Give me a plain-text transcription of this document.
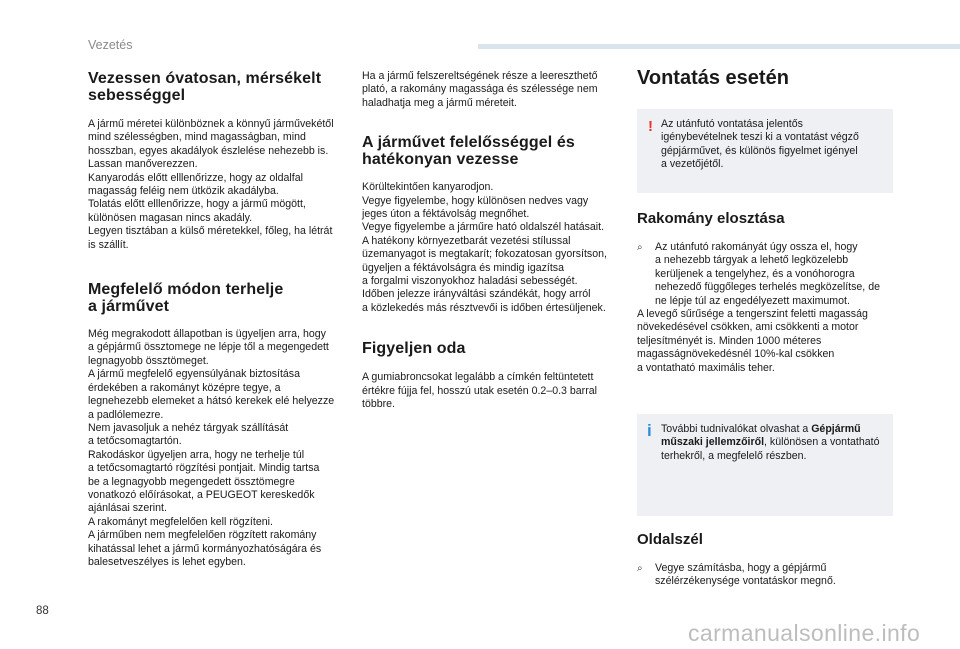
Vezetés
Vezessen óvatosan, mérsékelt
sebességgel
A jármű méretei különböznek a könnyű járművekétől
mind szélességben, mind magasságban, mind
hosszban, egyes akadályok észlelése nehezebb is.
Lassan manőverezzen.
Kanyarodás előtt elllenőrizze, hogy az oldalfal
magasság feléig nem ütközik akadályba.
Tolatás előtt elllenőrizze, hogy a jármű mögött,
különösen magasan nincs akadály.
Legyen tisztában a külső méretekkel, főleg, ha létrát
is szállít.
Megfelelő módon terhelje
a járművet
Még megrakodott állapotban is ügyeljen arra, hogy
a gépjármű össztomege ne lépje től a megengedett
legnagyobb össztömeget.
A jármű megfelelő egyensúlyának biztosítása
érdekében a rakományt középre tegye, a
legnehezebb elemeket a hátsó kerekek elé helyezze
a padlólemezre.
Nem javasoljuk a nehéz tárgyak szállítását
a tetőcsomagtartón.
Rakodáskor ügyeljen arra, hogy ne terhelje túl
a tetőcsomagtartó rögzítési pontjait. Mindig tartsa
be a legnagyobb megengedett össztömegre
vonatkozó előírásokat, a PEUGEOT kereskedők
ajánlásai szerint.
A rakományt megfelelően kell rögzíteni.
A járműben nem megfelelően rögzített rakomány
kihatással lehet a jármű kormányozhatóságára és
balesetveszélyes is lehet egyben.
Ha a jármű felszereltségének része a leereszthető
plató, a rakomány magassága és szélessége nem
haladhatja meg a jármű méreteit.
A járművet felelősséggel és
hatékonyan vezesse
Körültekintően kanyarodjon.
Vegye figyelembe, hogy különösen nedves vagy
jeges úton a féktávolság megnőhet.
Vegye figyelembe a járműre ható oldalszél hatásait.
A hatékony környezetbarát vezetési stílussal
üzemanyagot is megtakarít; fokozatosan gyorsítson,
ügyeljen a féktávolságra és mindig igazítsa
a forgalmi viszonyokhoz haladási sebességét.
Időben jelezze irányváltási szándékát, hogy arról
a közlekedés más résztvevői is időben értesüljenek.
Figyeljen oda
A gumiabroncsokat legalább a címkén feltüntetett
értékre fújja fel, hosszú utak esetén 0.2–0.3 barral
többre.
Vontatás esetén
! Az utánfutó vontatása jelentős
igénybevételnek teszi ki a vontatást végző
gépjárművet, és különös figyelmet igényel
a vezetőjétől.
Rakomány elosztása
⌕ Az utánfutó rakományát úgy ossza el, hogy
a nehezebb tárgyak a lehető legközelebb
kerüljenek a tengelyhez, és a vonóhorogra
nehezedő függőleges terhelés megközelítse, de
ne lépje túl az engedélyezett maximumot.
A levegő sűrűsége a tengerszint feletti magasság
növekedésével csökken, ami csökkenti a motor
teljesítményét is. Minden 1000 méteres
magasságnövekedésnél 10%-kal csökken
a vontatható maximális teher.
i További tudnivalókat olvashat a Gépjármű
műszaki jellemzőiről, különösen a vontatható
terhekről, a megfelelő részben.
Oldalszél
⌕ Vegye számításba, hogy a gépjármű
szélérzékenysége vontatáskor megnő.
88
carmanualsonline.info
